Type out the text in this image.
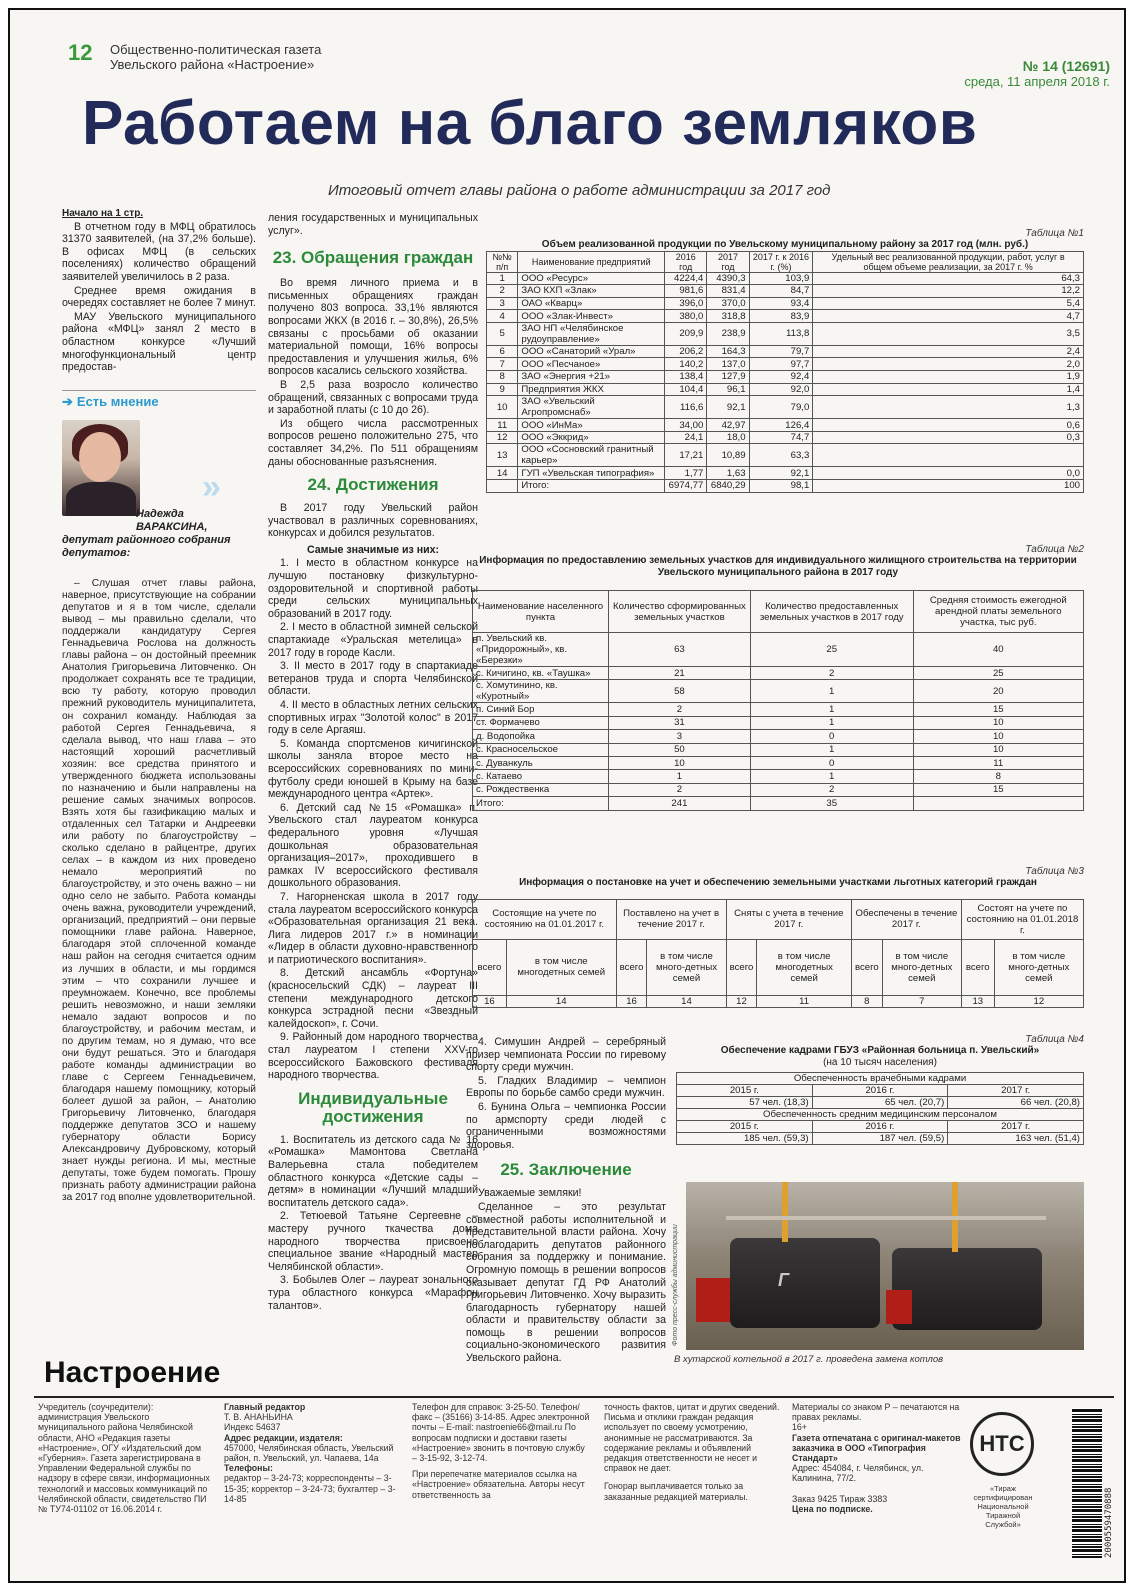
12 Общественно-политическая газета
Увельского района «Настроение»	№ 14 (12691)
среда, 11 апреля 2018 г.
Работаем на благо земляков
Итоговый отчет главы района о работе администрации за 2017 год
Начало на 1 стр.

В отчетном году в МФЦ обратилось 31370 заявителей, (на 37,2% больше). В офисах МФЦ (в сельских поселениях) количество обращений заявителей увеличилось в 2 раза.

Среднее время ожидания в очередях составляет не более 7 минут.

МАУ Увельского муниципального района «МФЦ» занял 2 место в областном конкурсе «Лучший многофункциональный центр предостав-

➔ Есть мнение
»
Надежда
ВАРАКСИНА,
депутат районного собрания депутатов:

– Слушая отчет главы района, наверное, присутствующие на собрании депутатов и я в том числе, сделали вывод – мы правильно сделали, что поддержали кандидатуру Сергея Геннадьевича Рослова на должность главы района – он достойный преемник Анатолия Григорьевича Литовченко. Он продолжает сохранять все те традиции, всю ту работу, которую проводил прежний руководитель муниципалитета, он сохранил команду. Наблюдая за работой Сергея Геннадьевича, я сделала вывод, что наш глава – это настоящий хороший расчетливый хозяин: все средства принятого и утвержденного бюджета использованы по назначению и были направлены на решение самых значимых вопросов. Взять хотя бы газификацию малых и отдаленных сел Татарки и Андреевки или работу по благоустройству – сколько сделано в райцентре, других селах – в каждом из них проведено немало мероприятий по благоустройству, и это очень важно – ни одно село не забыто. Работа команды очень важна, руководители учреждений, организаций, предприятий – они первые помощники главе района. Наверное, благодаря этой сплоченной команде наш район на сегодня считается одним из лучших в области, и мы гордимся этим – что сохранили лучшее и преумножаем. Конечно, все проблемы решить невозможно, и наши земляки немало задают вопросов и по благоустройству, и рабочим местам, и по другим темам, но я думаю, что все они будут решаться. Это и благодаря работе команды администрации во главе с Сергеем Геннадьевичем, благодаря нашему помощнику, который болеет душой за район, – Анатолию Григорьевичу Литовченко, благодаря поддержке депутатов ЗСО и нашему губернатору области Борису Александровичу Дубровскому, который знает нужды региона. И мы, местные депутаты, тоже будем помогать. Прошу признать работу администрации района за 2017 год вполне удовлетворительной.

ления государственных и муниципальных услуг».

23. Обращения граждан

Во время личного приема и в письменных обращениях граждан получено 803 вопроса. 33,1% являются вопросами ЖКХ (в 2016 г. – 30,8%), 26,5% связаны с просьбами об оказании материальной помощи, 16% вопросы предоставления и улучшения жилья, 6% вопросов касались сельского хозяйства.

В 2,5 раза возросло количество обращений, связанных с вопросами труда и заработной платы (с 10 до 26).

Из общего числа рассмотренных вопросов решено положительно 275, что составляет 34,2%. По 511 обращениям даны обоснованные разъяснения.

24. Достижения

В 2017 году Увельский район участвовал в различных соревнованиях, конкурсах и добился результатов.

Самые значимые из них:

1. I место в областном конкурсе на лучшую постановку физкультурно-оздоровительной и спортивной работы среди сельских муниципальных образований в 2017 году.

2. I место в областной зимней сельской спартакиаде «Уральская метелица» в 2017 году в городе Касли.

3. II место в 2017 году в спартакиаде ветеранов труда и спорта Челябинской области.

4. II место в областных летних сельских спортивных играх "Золотой колос" в 2017 году в селе Аргаяш.

5. Команда спортсменов кичигинской школы заняла второе место на всероссийских соревнованиях по мини-футболу среди юношей в Крыму на базе международного центра «Артек».

6. Детский сад №15 «Ромашка» п. Увельского стал лауреатом конкурса федерального уровня «Лучшая дошкольная образовательная организация–2017», проходившего в рамках IV всероссийского фестиваля дошкольного образования.

7. Нагорненская школа в 2017 году стала лауреатом всероссийского конкурса «Образовательная организация 21 века. Лига лидеров 2017 г.» в номинации «Лидер в области духовно-нравственного и патриотического воспитания».

8. Детский ансамбль «Фортуна» (красносельский СДК) – лауреат III степени международного детского конкурса эстрадной песни «Звездный калейдоскоп», г. Сочи.

9. Районный дом народного творчества стал лауреатом I степени XXV-го всероссийского Бажовского фестиваля народного творчества.

Индивидуальные достижения

1. Воспитатель из детского сада № 16 «Ромашка» Мамонтова Светлана Валерьевна стала победителем областного конкурса «Детские сады – детям» в номинации «Лучший младший воспитатель детского сада».

2. Тетюевой Татьяне Сергеевне – мастеру ручного ткачества дома народного творчества присвоено специальное звание «Народный мастер Челябинской области».

3. Бобылев Олег – лауреат зонального тура областного конкурса «Марафон талантов».

Таблица №1
Объем реализованной продукции по Увельскому муниципальному району за 2017 год (млн. руб.)
№№ п/п	Наименование предприятий	2016 год	2017 год	2017 г. к 2016 г. (%)	Удельный вес реализованной продукции, работ, услуг в общем объеме реализации, за 2017 г. %
1	ООО «Ресурс»	4224,4	4390,3	103,9	64,3
2	ЗАО КХП «Злак»	981,6	831,4	84,7	12,2
3	ОАО «Кварц»	396,0	370,0	93,4	5,4
4	ООО «Злак-Инвест»	380,0	318,8	83,9	4,7
5	ЗАО НП «Челябинское рудоуправление»	209,9	238,9	113,8	3,5
6	ООО «Санаторий «Урал»	206,2	164,3	79,7	2,4
7	ООО «Песчаное»	140,2	137,0	97,7	2,0
8	ЗАО «Энергия +21»	138,4	127,9	92,4	1,9
9	Предприятия ЖКХ	104,4	96,1	92,0	1,4
10	ЗАО «Увельский Агропромснаб»	116,6	92,1	79,0	1,3
11	ООО «ИнМа»	34,00	42,97	126,4	0,6
12	ООО «Эккрид»	24,1	18,0	74,7	0,3
13	ООО «Сосновский гранитный карьер»	17,21	10,89	63,3	
14	ГУП «Увельская типография»	1,77	1,63	92,1	0,0
	Итого:	6974,77	6840,29	98,1	100
Таблица №2
Информация по предоставлению земельных участков для индивидуального жилищного строительства на территории Увельского муниципального района в 2017 году
Наименование населенного пункта	Количество сформированных земельных участков	Количество предоставленных земельных участков в 2017 году	Средняя стоимость ежегодной арендной платы земельного участка, тыс руб.
п. Увельский кв. «Придорожный», кв. «Березки»	63	25	40
с. Кичигино, кв. «Таушка»	21	2	25
с. Хомутинино, кв. «Куротный»	58	1	20
п. Синий Бор	2	1	15
ст. Формачево	31	1	10
д. Водопойка	3	0	10
с. Красносельское	50	1	10
с. Дуванкуль	10	0	11
с. Катаево	1	1	8
с. Рождественка	2	2	15
Итого:	241	35	
Таблица №3
Информация о постановке на учет и обеспечению земельными участками льготных категорий граждан
Состоящие на учете по состоянию на 01.01.2017 г.		Поставлено на учет в течение 2017 г.		Сняты с учета в течение 2017 г.		Обеспечены в течение 2017 г.		Состоят на учете по состоянию на 01.01.2018 г.	
всего	в том числе многодетных семей	всего	в том числе много-детных семей	всего	в том числе многодетных семей	всего	в том числе много-детных семей	всего	в том числе много-детных семей
16	14	16	14	12	11	8	7	13	12

4. Симушин Андрей – серебряный призер чемпионата России по гиревому спорту среди мужчин.

5. Гладких Владимир – чемпион Европы по борьбе самбо среди мужчин.

6. Бунина Ольга – чемпионка России по армспорту среди людей с ограниченными возможностями здоровья.

25. Заключение

Уважаемые земляки!

Сделанное – это результат совместной работы исполнительной и представительной власти района. Хочу поблагодарить депутатов районного собрания за поддержку и понимание. Огромную помощь в решении вопросов оказывает депутат ГД РФ Анатолий Григорьевич Литовченко. Хочу выразить благодарность губернатору нашей области и правительству области за помощь в решении вопросов социально-экономического развития Увельского района.

Таблица №4
Обеспечение кадрами ГБУЗ «Районная больница п. Увельский»
(на 10 тысяч населения)
Обеспеченность врачебными кадрами		
2015 г.	2016 г.	2017 г.
57 чел. (18,3)	65 чел. (20,7)	66 чел. (20,8)
Обеспеченность средним медицинским персоналом		
2015 г.	2016 г.	2017 г.
185 чел. (59,3)	187 чел. (59,5)	163 чел. (51,4)
Г
Фото пресс-службы администрации
В хутарской котельной в 2017 г. проведена замена котлов
Настроение
Учредитель (соучредители): администрация Увельского муниципального района Челябинской области, АНО «Редакция газеты «Настроение», ОГУ «Издательский дом «Губерния». Газета зарегистрирована в Управлении Федеральной службы по надзору в сфере связи, информационных технологий и массовых коммуникаций по Челябинской области, свидетельство ПИ № ТУ74-01102 от 16.06.2014 г.
Главный редактор
Т. В. АНАНЬИНА
Индекс 54637
Адрес редакции, издателя:
457000, Челябинская область, Увельский район, п. Увельский, ул. Чапаева, 14а
Телефоны:
редактор – 3-24-73; корреспонденты – 3-15-35; корректор – 3-24-73; бухгалтер – 3-14-85
Телефон для справок: 3-25-50. Телефон/факс – (35166) 3-14-85. Адрес электронной почты – E-mail: nastroenie66@mail.ru По вопросам подписки и доставки газеты «Настроение» звонить в почтовую службу – 3-15-92, 3-12-74.
При перепечатке материалов ссылка на «Настроение» обязательна. Авторы несут ответственность за
точность фактов, цитат и других сведений. Письма и отклики граждан редакция использует по своему усмотрению, анонимные не рассматриваются. За содержание рекламы и объявлений редакция ответственности не несет и справок не дает.
Гонорар выплачивается только за заказанные редакцией материалы.
Материалы со знаком Р – печатаются на правах рекламы.
16+
Газета отпечатана с оригинал-макетов заказчика в ООО «Типография Стандарт»
Адрес: 454084, г. Челябинск, ул. Калинина, 77/2.
Заказ 9425 Тираж 3383
Цена по подписке.
НТС
«Тираж сертифицирован Национальной Тиражной Службой»	2000559470888
